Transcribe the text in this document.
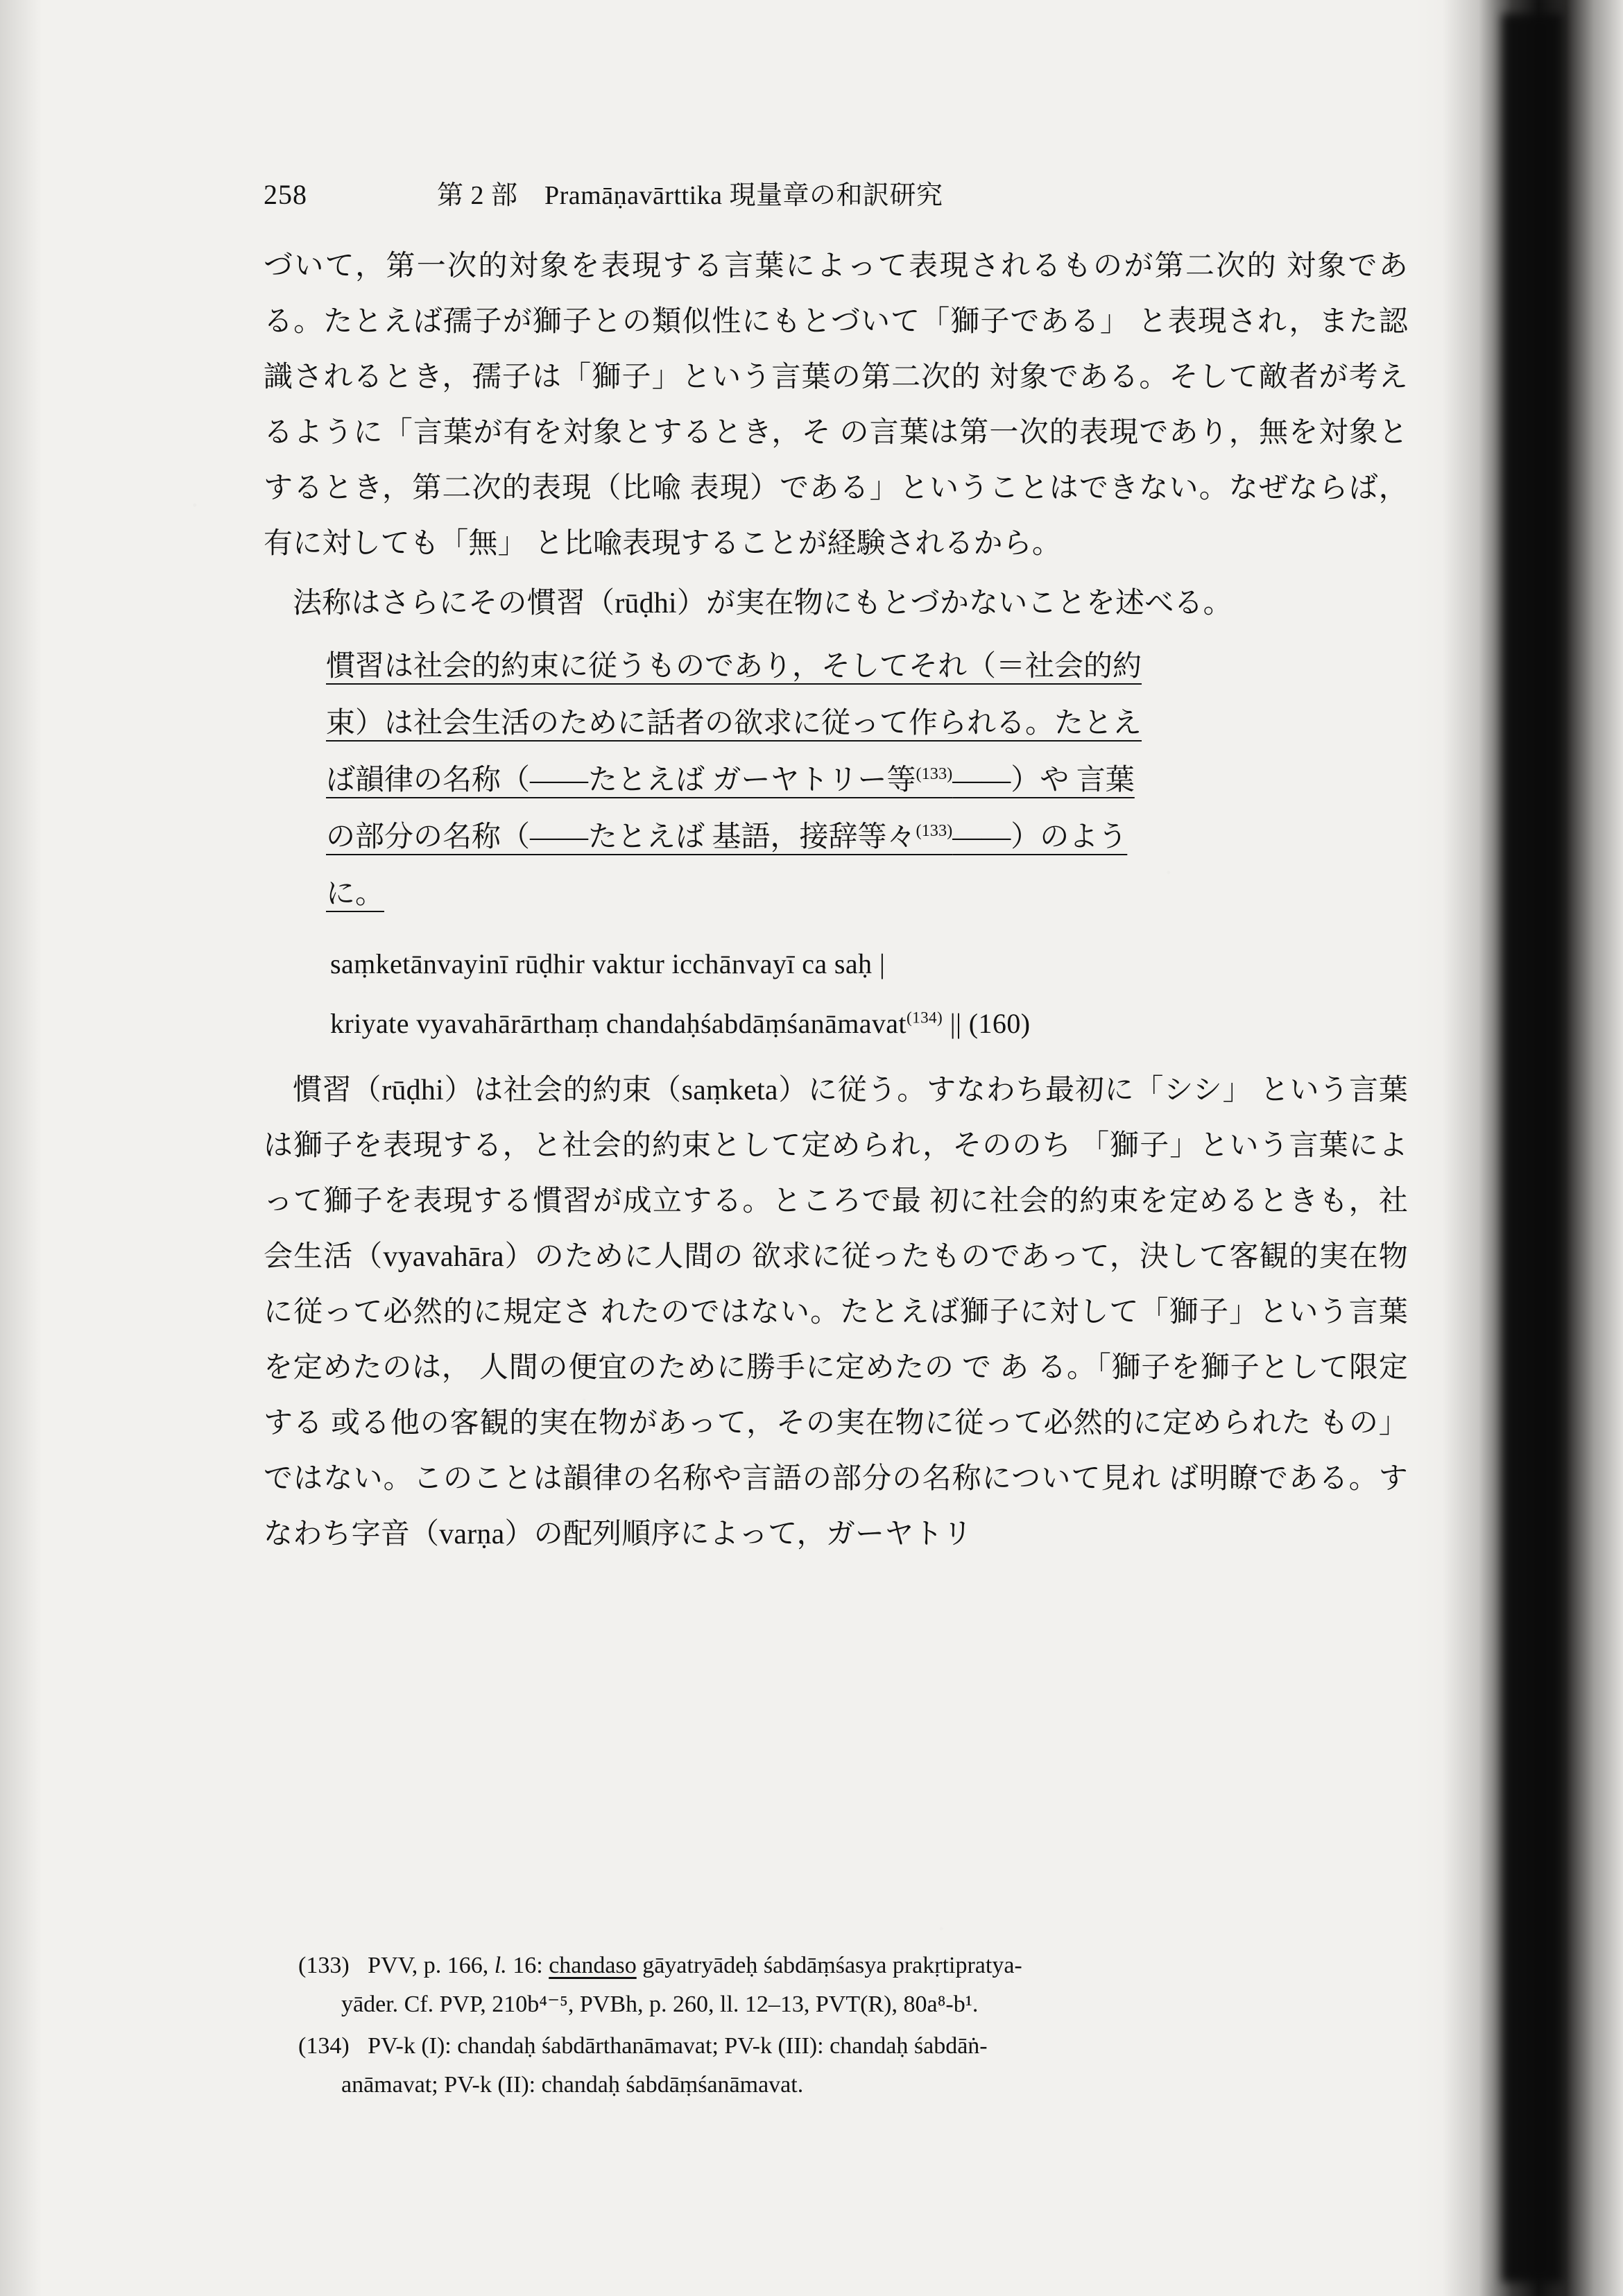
258	第 2 部　Pramāṇavārttika 現量章の和訳研究

づいて，第一次的対象を表現する言葉によって表現されるものが第二次的 対象である。たとえば孺子が獅子との類似性にもとづいて「獅子である」 と表現され，また認識されるとき，孺子は「獅子」という言葉の第二次的 対象である。そして敵者が考えるように「言葉が有を対象とするとき，そ の言葉は第一次的表現であり，無を対象とするとき，第二次的表現（比喩 表現）である」ということはできない。なぜならば，有に対しても「無」 と比喩表現することが経験されるから。

法称はさらにその慣習（rūḍhi）が実在物にもとづかないことを述べる。

慣習は社会的約束に従うものであり，そしてそれ（＝社会的約
束）は社会生活のために話者の欲求に従って作られる。たとえ
ば韻律の名称（――たとえば ガーヤトリー等$^{(133)}$――）や 言葉
の部分の名称（――たとえば 基語，接辞等々$^{(133)}$――）のよう
に。
saṃketānvayinī rūḍhir vaktur icchānvayī ca saḥ |
kriyate vyavahārārthaṃ chandaḥśabdāṃśanāmavat$^{(134)}$ || (160)

慣習（rūḍhi）は社会的約束（saṃketa）に従う。すなわち最初に「シシ」 という言葉は獅子を表現する，と社会的約束として定められ，そののち 「獅子」という言葉によって獅子を表現する慣習が成立する。ところで最 初に社会的約束を定めるときも，社会生活（vyavahāra）のために人間の 欲求に従ったものであって，決して客観的実在物に従って必然的に規定さ れたのではない。たとえば獅子に対して「獅子」という言葉を定めたのは， 人間の便宜のために勝手に定めたの で あ る。「獅子を獅子として限定する 或る他の客観的実在物があって，その実在物に従って必然的に定められた もの」ではない。このことは韻律の名称や言語の部分の名称について見れ ば明瞭である。すなわち字音（varṇa）の配列順序によって，ガーヤトリ

(133) PVV, p. 166, l. 16: chandaso gāyatryādeḥ śabdāṃśasya prakṛtipratya-
yāder. Cf. PVP, 210b⁴⁻⁵, PVBh, p. 260, ll. 12–13, PVT(R), 80a⁸-b¹.

(134) PV-k (I): chandaḥ śabdārthanāmavat; PV-k (III): chandaḥ śabdāṅ-
anāmavat; PV-k (II): chandaḥ śabdāṃśanāmavat.
